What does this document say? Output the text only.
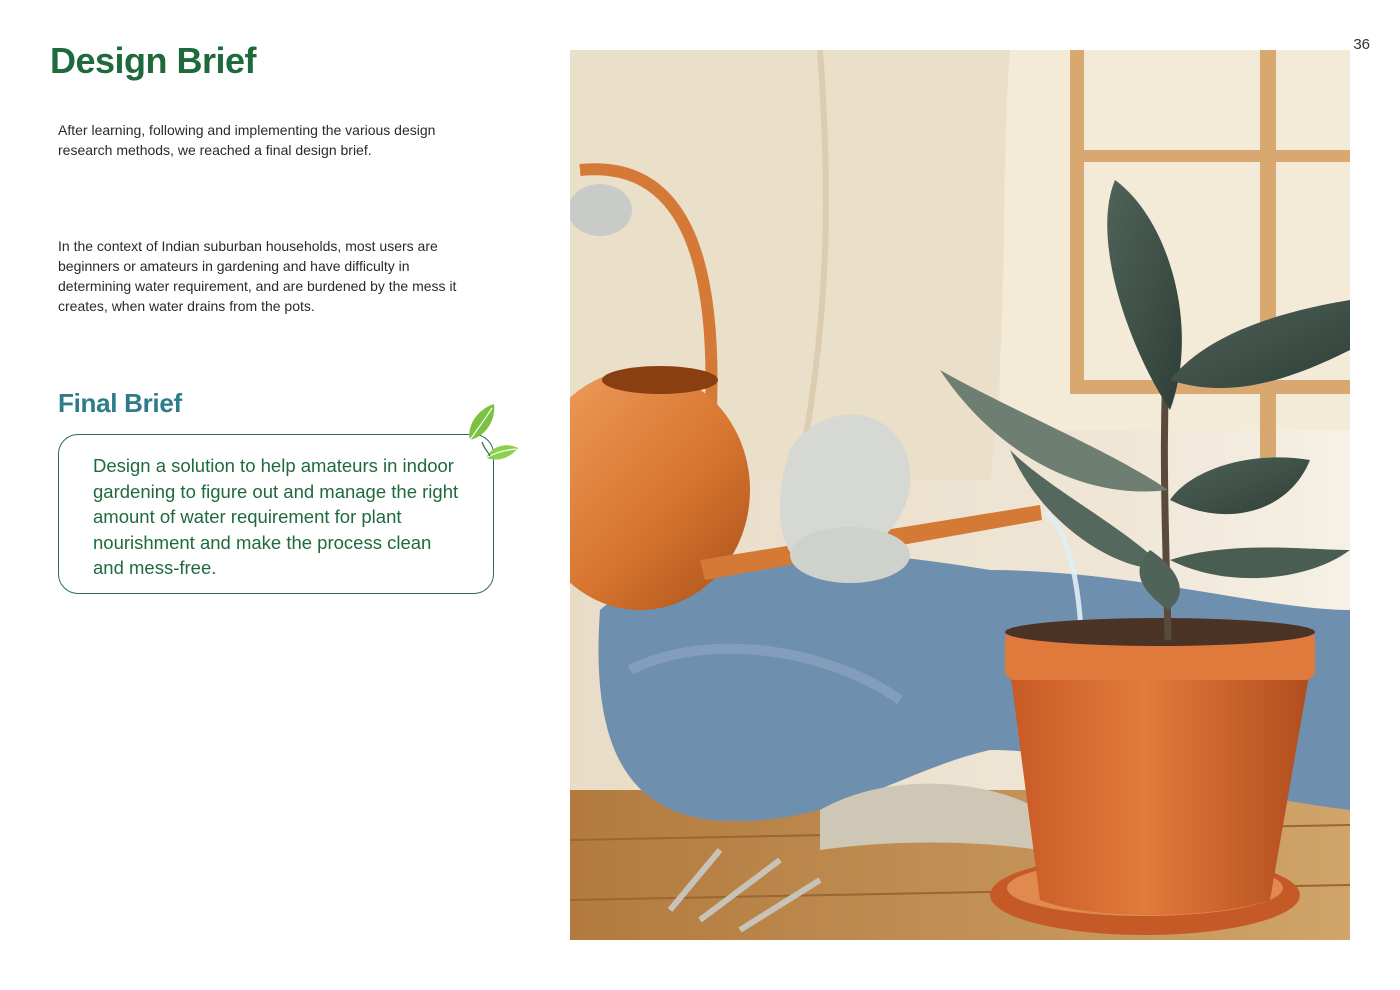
36
Design Brief

After learning, following and implementing the various design research methods, we reached a final design brief.

In the context of Indian suburban households, most users are beginners or amateurs in gardening and have difficulty in determining water requirement, and are burdened by the mess it creates, when water drains from the pots.

Final Brief

Design a solution to help amateurs in indoor gardening to figure out and manage the right amount of water requirement for plant nourishment and make the process clean and mess-free.
